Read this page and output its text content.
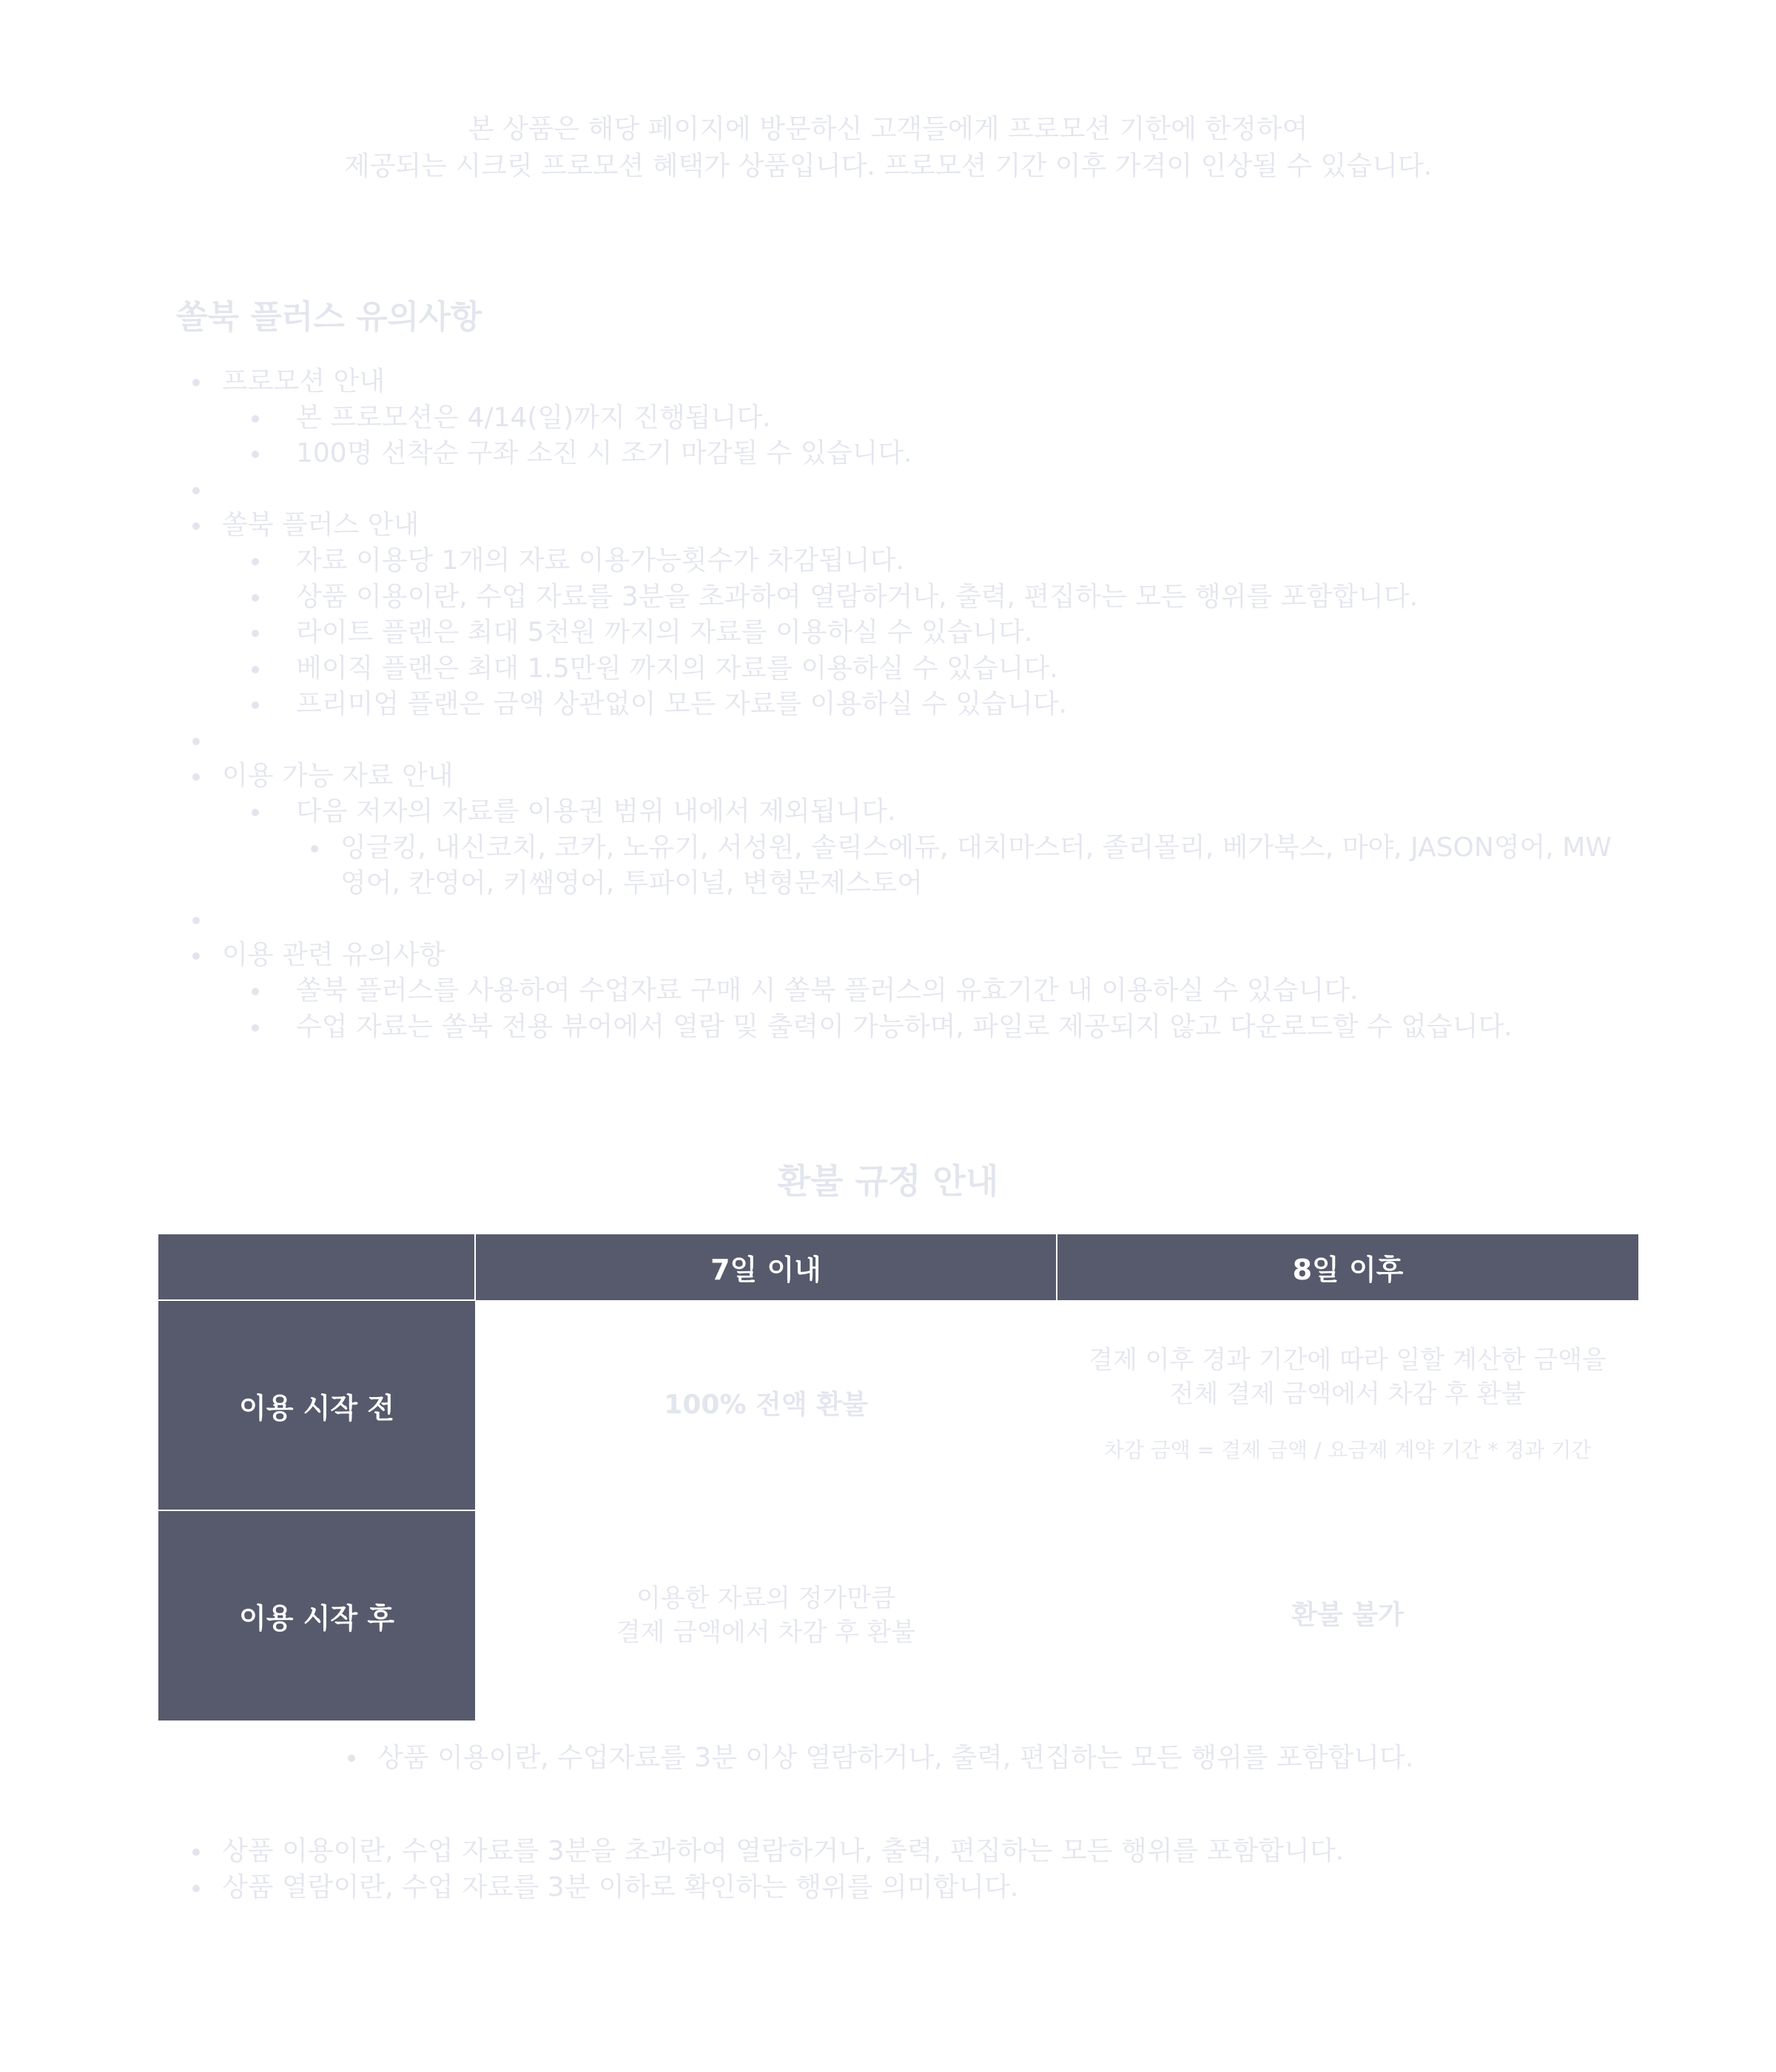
본 상품은 해당 페이지에 방문하신 고객들에게 프로모션 기한에 한정하여
제공되는 시크릿 프로모션 혜택가 상품입니다. 프로모션 기간 이후 가격이 인상될 수 있습니다.
쏠북 플러스 유의사항
프로모션 안내
본 프로모션은 4/14(일)까지 진행됩니다.
100명 선착순 구좌 소진 시 조기 마감될 수 있습니다.
쏠북 플러스 안내
자료 이용당 1개의 자료 이용가능횟수가 차감됩니다.
상품 이용이란, 수업 자료를 3분을 초과하여 열람하거나, 출력, 편집하는 모든 행위를 포함합니다.
라이트 플랜은 최대 5천원 까지의 자료를 이용하실 수 있습니다.
베이직 플랜은 최대 1.5만원 까지의 자료를 이용하실 수 있습니다.
프리미엄 플랜은 금액 상관없이 모든 자료를 이용하실 수 있습니다.
이용 가능 자료 안내
다음 저자의 자료를 이용권 범위 내에서 제외됩니다.
잉글킹, 내신코치, 코카, 노유기, 서성원, 솔릭스에듀, 대치마스터, 졸리몰리, 베가북스, 마야, JASON영어, MW영어, 칸영어, 키쌤영어, 투파이널, 변형문제스토어
이용 관련 유의사항
쏠북 플러스를 사용하여 수업자료 구매 시 쏠북 플러스의 유효기간 내 이용하실 수 있습니다.
수업 자료는 쏠북 전용 뷰어에서 열람 및 출력이 가능하며, 파일로 제공되지 않고 다운로드할 수 없습니다.
환불 규정 안내
	7일 이내	8일 이후
이용 시작 전	100% 전액 환불	결제 이후 경과 기간에 따라 일할 계산한 금액을
전체 결제 금액에서 차감 후 환불
차감 금액 = 결제 금액 / 요금제 계약 기간 * 경과 기간

이용 시작 후	이용한 자료의 정가만큼
결제 금액에서 차감 후 환불	환불 불가
상품 이용이란, 수업자료를 3분 이상 열람하거나, 출력, 편집하는 모든 행위를 포함합니다.
상품 이용이란, 수업 자료를 3분을 초과하여 열람하거나, 출력, 편집하는 모든 행위를 포함합니다.
상품 열람이란, 수업 자료를 3분 이하로 확인하는 행위를 의미합니다.
